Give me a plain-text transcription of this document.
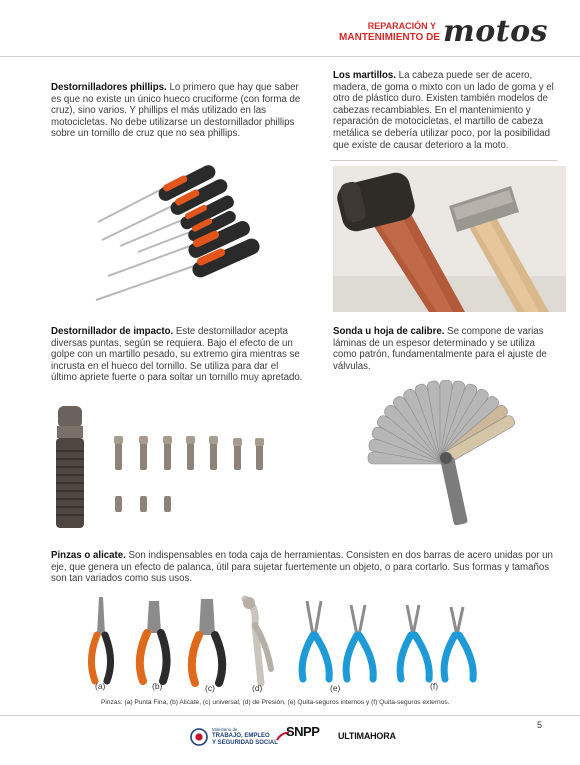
REPARACIÓN Y
MANTENIMIENTO DE motos
Destornilladores phillips. Lo primero que hay que saber es que no existe un único hueco cruciforme (con forma de cruz), sino varios. Y phillips el más utilizado en las motocicletas. No debe utilizarse un destornillador phillips sobre un tornillo de cruz que no sea phillips.
Los martillos. La cabeza puede ser de acero, madera, de goma o mixto con un lado de goma y el otro de plástico duro. Existen también modelos de cabezas recambiables. En el mantenimiento y reparación de motocicletas, el martillo de cabeza metálica se debería utilizar poco, por la posibilidad que existe de causar deterioro a la moto.
Destornillador de impacto. Este destornillador acepta diversas puntas, según se requiera. Bajo el efecto de un golpe con un martillo pesado, su extremo gira mientras se incrusta en el hueco del tornillo. Se utiliza para dar el último apriete fuerte o para soltar un tornillo muy apretado.
Sonda u hoja de calibre. Se compone de varias láminas de un espesor determinado y se utiliza como patrón, fundamentalmente para el ajuste de válvulas.
Pinzas o alicate. Son indispensables en toda caja de herramientas. Consisten en dos barras de acero unidas por un eje, que genera un efecto de palanca, útil para sujetar fuertemente un objeto, o para cortarlo. Sus formas y tamaños son tan variados como sus usos.
(a)	(b)	(c)	(d)	(e)	(f)
Pinzas: (a) Punta Fina, (b) Alicate, (c) universal, (d) de Presión, (e) Quita-seguros internos y (f) Quita-seguros externos.
5
Ministerio de
TRABAJO, EMPLEO
Y SEGURIDAD SOCIAL
SNPP ULTIMAHORA
